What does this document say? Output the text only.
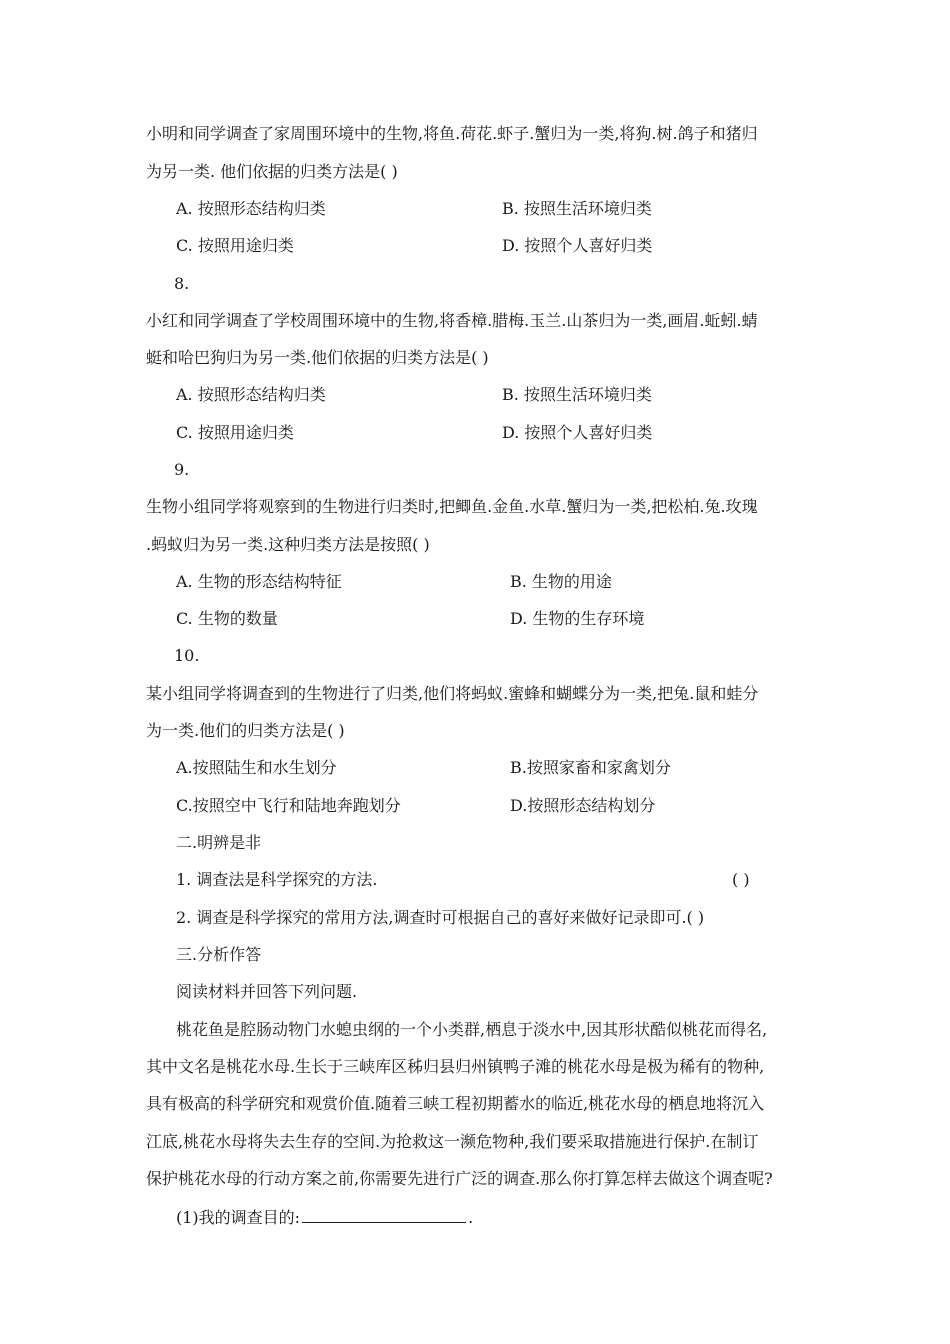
小明和同学调查了家周围环境中的生物,将鱼.荷花.虾子.蟹归为一类,将狗.树.鸽子和猪归
为另一类. 他们依据的归类方法是( )
A. 按照形态结构归类	B. 按照生活环境归类
C. 按照用途归类	D. 按照个人喜好归类
8.
小红和同学调查了学校周围环境中的生物,将香樟.腊梅.玉兰.山茶归为一类,画眉.蚯蚓.蜻
蜓和哈巴狗归为另一类.他们依据的归类方法是( )
A. 按照形态结构归类	B. 按照生活环境归类
C. 按照用途归类	D. 按照个人喜好归类
9.
生物小组同学将观察到的生物进行归类时,把鲫鱼.金鱼.水草.蟹归为一类,把松柏.兔.玫瑰
.蚂蚁归为另一类.这种归类方法是按照( )
A. 生物的形态结构特征	B. 生物的用途
C. 生物的数量	D. 生物的生存环境
10.
某小组同学将调查到的生物进行了归类,他们将蚂蚁.蜜蜂和蝴蝶分为一类,把兔.鼠和蛙分
为一类.他们的归类方法是( )
A.按照陆生和水生划分	B.按照家畜和家禽划分
C.按照空中飞行和陆地奔跑划分	D.按照形态结构划分
二.明辨是非
1. 调查法是科学探究的方法.	( )
2. 调查是科学探究的常用方法,调查时可根据自己的喜好来做好记录即可.( )
三.分析作答
阅读材料并回答下列问题.
桃花鱼是腔肠动物门水螅虫纲的一个小类群,栖息于淡水中,因其形状酷似桃花而得名,
其中文名是桃花水母.生长于三峡库区秭归县归州镇鸭子滩的桃花水母是极为稀有的物种,
具有极高的科学研究和观赏价值.随着三峡工程初期蓄水的临近,桃花水母的栖息地将沉入
江底,桃花水母将失去生存的空间.为抢救这一濒危物种,我们要采取措施进行保护.在制订
保护桃花水母的行动方案之前,你需要先进行广泛的调查.那么你打算怎样去做这个调查呢?
(1)我的调查目的:	.
